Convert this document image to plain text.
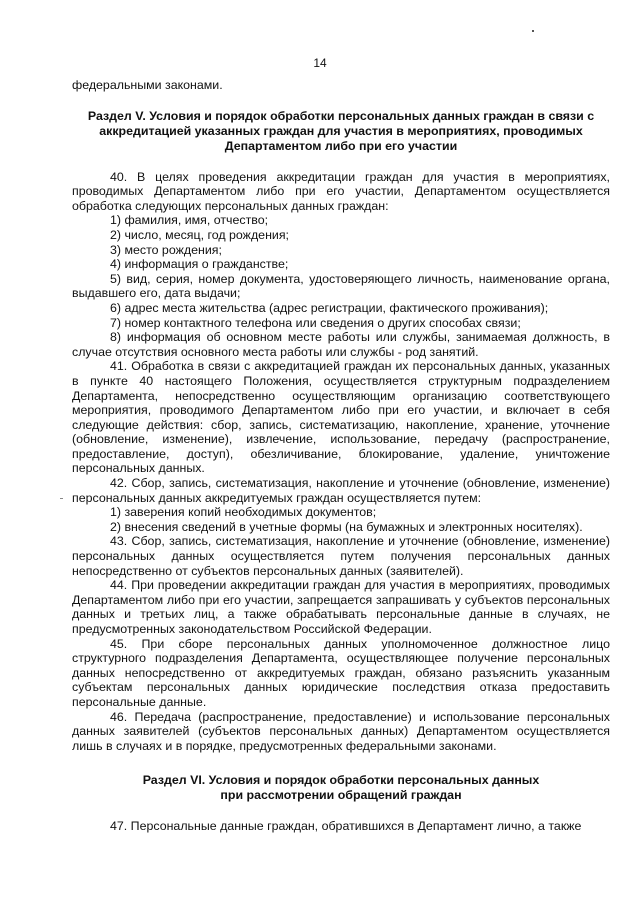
14

федеральными законами.

Раздел V. Условия и порядок обработки персональных данных граждан в связи с аккредитацией указанных граждан для участия в мероприятиях, проводимых Департаментом либо при его участии

40. В целях проведения аккредитации граждан для участия в мероприятиях, проводимых Департаментом либо при его участии, Департаментом осуществляется обработка следующих персональных данных граждан:

1) фамилия, имя, отчество;

2) число, месяц, год рождения;

3) место рождения;

4) информация о гражданстве;

5) вид, серия, номер документа, удостоверяющего личность, наименование органа, выдавшего его, дата выдачи;

6) адрес места жительства (адрес регистрации, фактического проживания);

7) номер контактного телефона или сведения о других способах связи;

8) информация об основном месте работы или службы, занимаемая должность, в случае отсутствия основного места работы или службы - род занятий.

41. Обработка в связи с аккредитацией граждан их персональных данных, указанных в пункте 40 настоящего Положения, осуществляется структурным подразделением Департамента, непосредственно осуществляющим организацию соответствующего мероприятия, проводимого Департаментом либо при его участии, и включает в себя следующие действия: сбор, запись, систематизацию, накопление, хранение, уточнение (обновление, изменение), извлечение, использование, передачу (распространение, предоставление, доступ), обезличивание, блокирование, удаление, уничтожение персональных данных.

42. Сбор, запись, систематизация, накопление и уточнение (обновление, изменение) персональных данных аккредитуемых граждан осуществляется путем:

1) заверения копий необходимых документов;

2) внесения сведений в учетные формы (на бумажных и электронных носителях).

43. Сбор, запись, систематизация, накопление и уточнение (обновление, изменение) персональных данных осуществляется путем получения персональных данных непосредственно от субъектов персональных данных (заявителей).

44. При проведении аккредитации граждан для участия в мероприятиях, проводимых Департаментом либо при его участии, запрещается запрашивать у субъектов персональных данных и третьих лиц, а также обрабатывать персональные данные в случаях, не предусмотренных законодательством Российской Федерации.

45. При сборе персональных данных уполномоченное должностное лицо структурного подразделения Департамента, осуществляющее получение персональных данных непосредственно от аккредитуемых граждан, обязано разъяснить указанным субъектам персональных данных юридические последствия отказа предоставить персональные данные.

46. Передача (распространение, предоставление) и использование персональных данных заявителей (субъектов персональных данных) Департаментом осуществляется лишь в случаях и в порядке, предусмотренных федеральными законами.

Раздел VI. Условия и порядок обработки персональных данных
при рассмотрении обращений граждан

47. Персональные данные граждан, обратившихся в Департамент лично, а также
